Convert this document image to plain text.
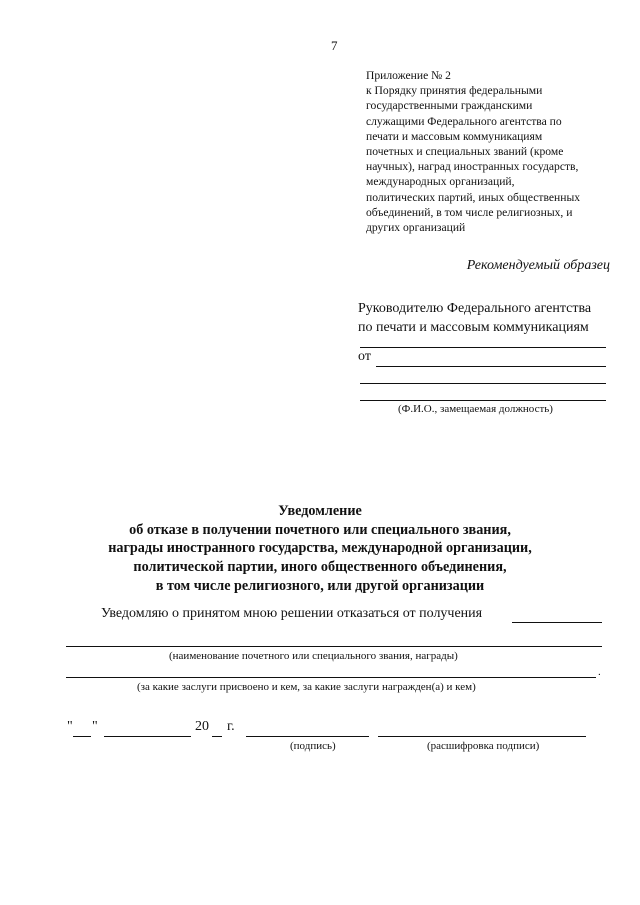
7
Приложение № 2
к Порядку принятия федеральными
государственными гражданскими
служащими Федерального агентства по
печати и массовым коммуникациям
почетных и специальных званий (кроме
научных), наград иностранных государств,
международных организаций,
политических партий, иных общественных
объединений, в том числе религиозных, и
других организаций
Рекомендуемый образец
Руководителю Федерального агентства
по печати и массовым коммуникациям
от
(Ф.И.О., замещаемая должность)
Уведомление
об отказе в получении почетного или специального звания,
награды иностранного государства, международной организации,
политической партии, иного общественного объединения,
в том числе религиозного, или другой организации
Уведомляю о принятом мною решении отказаться от получения
(наименование почетного или специального звания, награды)
.
(за какие заслуги присвоено и кем, за какие заслуги награжден(а) и кем)
" "	20 г.
(подпись)	(расшифровка подписи)
